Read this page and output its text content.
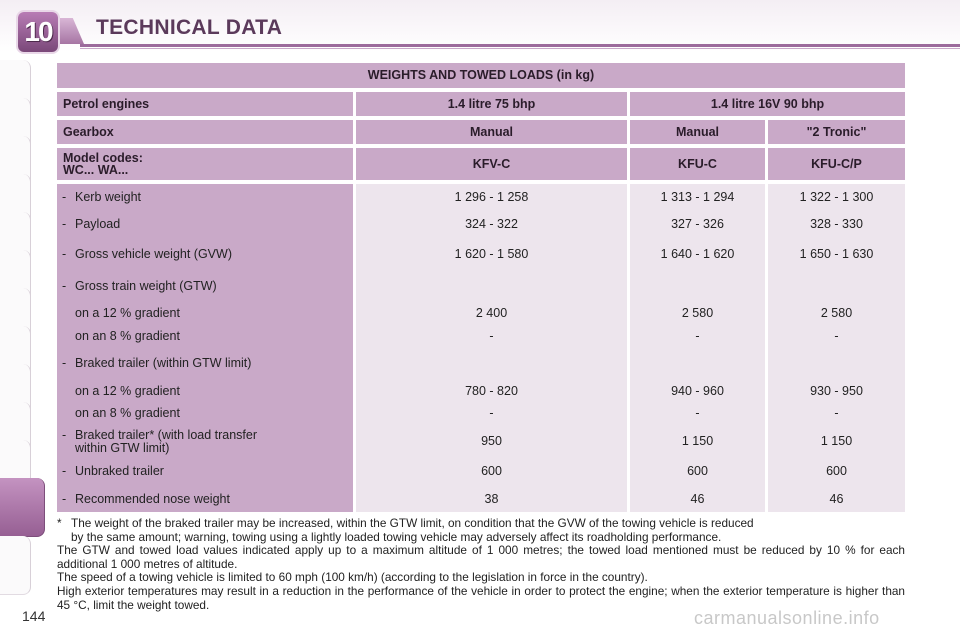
10	TECHNICAL DATA
WEIGHTS AND TOWED LOADS (in kg)
Petrol engines	1.4 litre 75 bhp	1.4 litre 16V 90 bhp
Gearbox	Manual	Manual	"2 Tronic"
Model codes:
WC... WA...	KFV-C	KFU-C	KFU-C/P
- Kerb weight	1 296 - 1 258	1 313 - 1 294	1 322 - 1 300
- Payload	324 - 322	327 - 326	328 - 330
- Gross vehicle weight (GVW)	1 620 - 1 580	1 640 - 1 620	1 650 - 1 630
- Gross train weight (GTW)
on a 12 % gradient	2 400	2 580	2 580
on an 8 % gradient	-	-	-
- Braked trailer (within GTW limit)
on a 12 % gradient	780 - 820	940 - 960	930 - 950
on an 8 % gradient	-	-	-
- Braked trailer* (with load transfer
within GTW limit)	950	1 150	1 150
- Unbraked trailer	600	600	600
- Recommended nose weight	38	46	46
* The weight of the braked trailer may be increased, within the GTW limit, on condition that the GVW of the towing vehicle is reduced
by the same amount; warning, towing using a lightly loaded towing vehicle may adversely affect its roadholding performance.
The GTW and towed load values indicated apply up to a maximum altitude of 1 000 metres; the towed load mentioned must be reduced by 10 % for each additional 1 000 metres of altitude.
The speed of a towing vehicle is limited to 60 mph (100 km/h) (according to the legislation in force in the country).
High exterior temperatures may result in a reduction in the performance of the vehicle in order to protect the engine; when the exterior temperature is higher than 45 °C, limit the weight towed.
144	carmanualsonline.info
